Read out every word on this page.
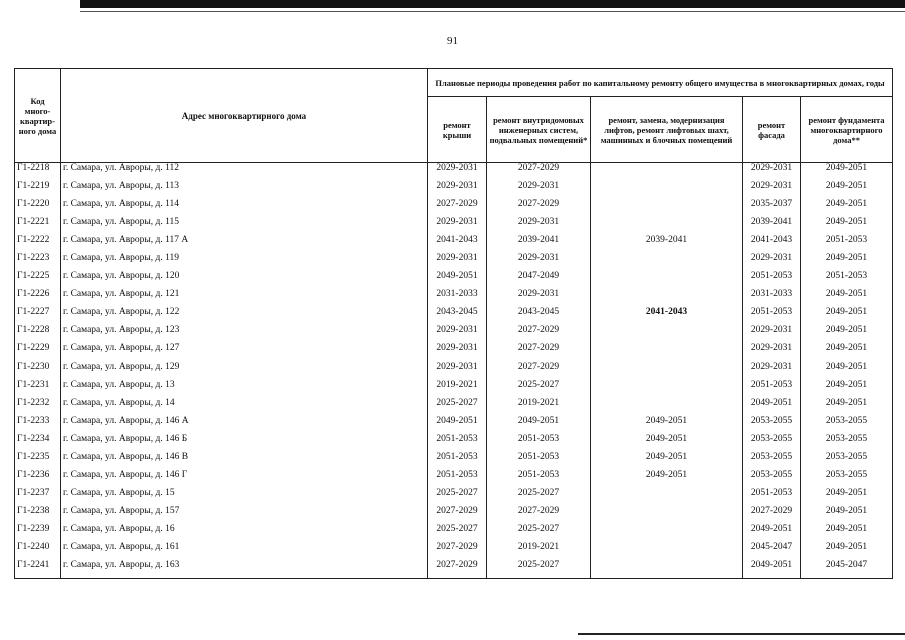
91
Код много-квартир-ного дома	Адрес многоквартирного дома	Плановые периоды проведения работ по капитальному ремонту общего имущества в многоквартирных домах, годы				
		ремонт крыши	ремонт внутридомовых инженерных систем, подвальных помещений*	ремонт, замена, модернизация лифтов, ремонт лифтовых шахт, машинных и блочных помещений	ремонт фасада	ремонт фундамента многоквартирного дома**
Г1-2218	г. Самара, ул. Авроры, д. 112	2029-2031	2027-2029		2029-2031	2049-2051
Г1-2219	г. Самара, ул. Авроры, д. 113	2029-2031	2029-2031		2029-2031	2049-2051
Г1-2220	г. Самара, ул. Авроры, д. 114	2027-2029	2027-2029		2035-2037	2049-2051
Г1-2221	г. Самара, ул. Авроры, д. 115	2029-2031	2029-2031		2039-2041	2049-2051
Г1-2222	г. Самара, ул. Авроры, д. 117 А	2041-2043	2039-2041	2039-2041	2041-2043	2051-2053
Г1-2223	г. Самара, ул. Авроры, д. 119	2029-2031	2029-2031		2029-2031	2049-2051
Г1-2225	г. Самара, ул. Авроры, д. 120	2049-2051	2047-2049		2051-2053	2051-2053
Г1-2226	г. Самара, ул. Авроры, д. 121	2031-2033	2029-2031		2031-2033	2049-2051
Г1-2227	г. Самара, ул. Авроры, д. 122	2043-2045	2043-2045	2041-2043	2051-2053	2049-2051
Г1-2228	г. Самара, ул. Авроры, д. 123	2029-2031	2027-2029		2029-2031	2049-2051
Г1-2229	г. Самара, ул. Авроры, д. 127	2029-2031	2027-2029		2029-2031	2049-2051
Г1-2230	г. Самара, ул. Авроры, д. 129	2029-2031	2027-2029		2029-2031	2049-2051
Г1-2231	г. Самара, ул. Авроры, д. 13	2019-2021	2025-2027		2051-2053	2049-2051
Г1-2232	г. Самара, ул. Авроры, д. 14	2025-2027	2019-2021		2049-2051	2049-2051
Г1-2233	г. Самара, ул. Авроры, д. 146 А	2049-2051	2049-2051	2049-2051	2053-2055	2053-2055
Г1-2234	г. Самара, ул. Авроры, д. 146 Б	2051-2053	2051-2053	2049-2051	2053-2055	2053-2055
Г1-2235	г. Самара, ул. Авроры, д. 146 В	2051-2053	2051-2053	2049-2051	2053-2055	2053-2055
Г1-2236	г. Самара, ул. Авроры, д. 146 Г	2051-2053	2051-2053	2049-2051	2053-2055	2053-2055
Г1-2237	г. Самара, ул. Авроры, д. 15	2025-2027	2025-2027		2051-2053	2049-2051
Г1-2238	г. Самара, ул. Авроры, д. 157	2027-2029	2027-2029		2027-2029	2049-2051
Г1-2239	г. Самара, ул. Авроры, д. 16	2025-2027	2025-2027		2049-2051	2049-2051
Г1-2240	г. Самара, ул. Авроры, д. 161	2027-2029	2019-2021		2045-2047	2049-2051
Г1-2241	г. Самара, ул. Авроры, д. 163	2027-2029	2025-2027		2049-2051	2045-2047
